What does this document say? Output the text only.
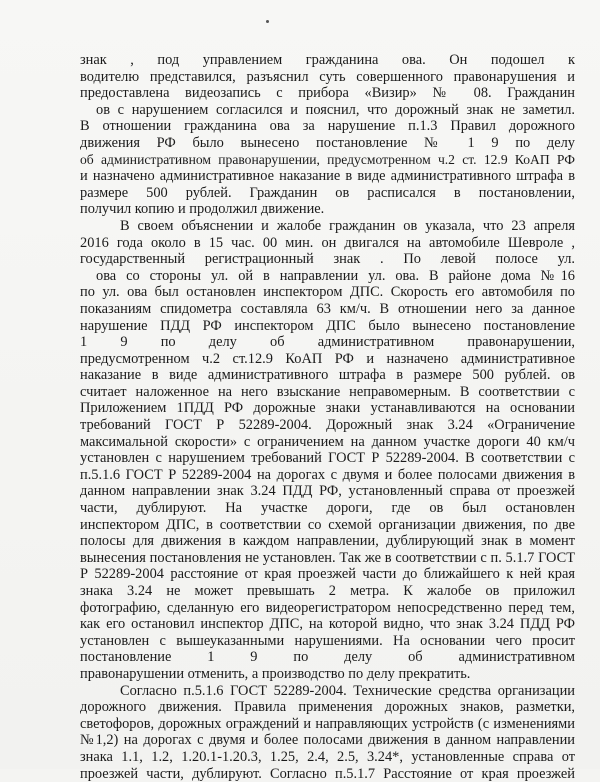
знак , под управлением гражданина ова. Он подошел к
водителю представился, разъяснил суть совершенного правонарушения и
предоставлена видеозапись с прибора «Визир» № 08. Гражданин
ов с нарушением согласился и пояснил, что дорожный знак не заметил.
В отношении гражданина ова за нарушение п.1.3 Правил дорожного
движения РФ было вынесено постановление № 1 9 по делу
об административном правонарушении, предусмотренном ч.2 ст. 12.9 КоАП РФ
и назначено административное наказание в виде административного штрафа в
размере 500 рублей. Гражданин ов расписался в постановлении,
получил копию и продолжил движение.
В своем объяснении и жалобе гражданин ов указала, что 23 апреля
2016 года около в 15 час. 00 мин. он двигался на автомобиле Шевроле ,
государственный регистрационный знак . По левой полосе ул.
ова со стороны ул. ой в направлении ул. ова. В районе дома №16
по ул. ова был остановлен инспектором ДПС. Скорость его автомобиля по
показаниям спидометра составляла 63 км/ч. В отношении него за данное
нарушение ПДД РФ инспектором ДПС было вынесено постановление
1 9 по делу об административном правонарушении,
предусмотренном ч.2 ст.12.9 КоАП РФ и назначено административное
наказание в виде административного штрафа в размере 500 рублей. ов
считает наложенное на него взыскание неправомерным. В соответствии с
Приложением 1ПДД РФ дорожные знаки устанавливаются на основании
требований ГОСТ Р 52289-2004. Дорожный знак 3.24 «Ограничение
максимальной скорости» с ограничением на данном участке дороги 40 км/ч
установлен с нарушением требований ГОСТ Р 52289-2004. В соответствии с
п.5.1.6 ГОСТ Р 52289-2004 на дорогах с двумя и более полосами движения в
данном направлении знак 3.24 ПДД РФ, установленный справа от проезжей
части, дублируют. На участке дороги, где ов был остановлен
инспектором ДПС, в соответствии со схемой организации движения, по две
полосы для движения в каждом направлении, дублирующий знак в момент
вынесения постановления не установлен. Так же в соответствии с п. 5.1.7 ГОСТ
Р 52289-2004 расстояние от края проезжей части до ближайшего к ней края
знака 3.24 не может превышать 2 метра. К жалобе ов приложил
фотографию, сделанную его видеорегистратором непосредственно перед тем,
как его остановил инспектор ДПС, на которой видно, что знак 3.24 ПДД РФ
установлен с вышеуказанными нарушениями. На основании чего просит
постановление 1 9 по делу об административном
правонарушении отменить, а производство по делу прекратить.
Согласно п.5.1.6 ГОСТ 52289-2004. Технические средства организации
дорожного движения. Правила применения дорожных знаков, разметки,
светофоров, дорожных ограждений и направляющих устройств (с изменениями
№1,2) на дорогах с двумя и более полосами движения в данном направлении
знака 1.1, 1.2, 1.20.1-1.20.3, 1.25, 2.4, 2.5, 3.24*, установленные справа от
проезжей части, дублируют. Согласно п.5.1.7 Расстояние от края проезжей
